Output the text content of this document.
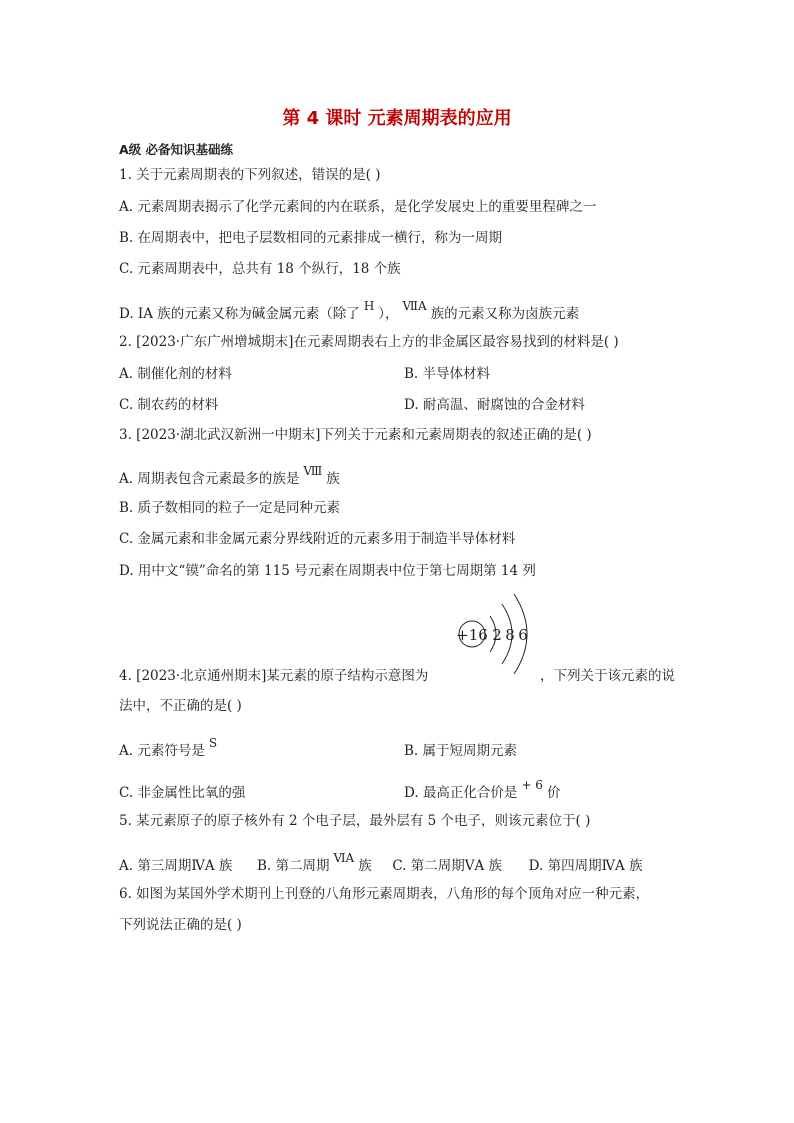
第 4 课时 元素周期表的应用
A级 必备知识基础练
1. 关于元素周期表的下列叙述，错误的是( )
A. 元素周期表揭示了化学元素间的内在联系，是化学发展史上的重要里程碑之一
B. 在周期表中，把电子层数相同的元素排成一横行，称为一周期
C. 元素周期表中，总共有 18 个纵行，18 个族
D. ⅠA 族的元素又称为碱金属元素（除了 H ）， ⅦA 族的元素又称为卤族元素
2. [2023·广东广州增城期末]在元素周期表右上方的非金属区最容易找到的材料是( )
A. 制催化剂的材料	B. 半导体材料
C. 制农药的材料	D. 耐高温、耐腐蚀的合金材料
3. [2023·湖北武汉新洲一中期末]下列关于元素和元素周期表的叙述正确的是( )
A. 周期表包含元素最多的族是 Ⅷ 族
B. 质子数相同的粒子一定是同种元素
C. 金属元素和非金属元素分界线附近的元素多用于制造半导体材料
D. 用中文“镆”命名的第 115 号元素在周期表中位于第七周期第 14 列
+16 2 8 6
4. [2023·北京通州期末]某元素的原子结构示意图为	，下列关于该元素的说
法中，不正确的是( )
A. 元素符号是 S	B. 属于短周期元素
C. 非金属性比氧的强	D. 最高正化合价是 + 6 价
5. 某元素原子的原子核外有 2 个电子层，最外层有 5 个电子，则该元素位于( )
A. 第三周期ⅣA 族 B. 第二周期 ⅥA 族 C. 第二周期ⅤA 族 D. 第四周期ⅣA 族
6. 如图为某国外学术期刊上刊登的八角形元素周期表，八角形的每个顶角对应一种元素，
下列说法正确的是( )
